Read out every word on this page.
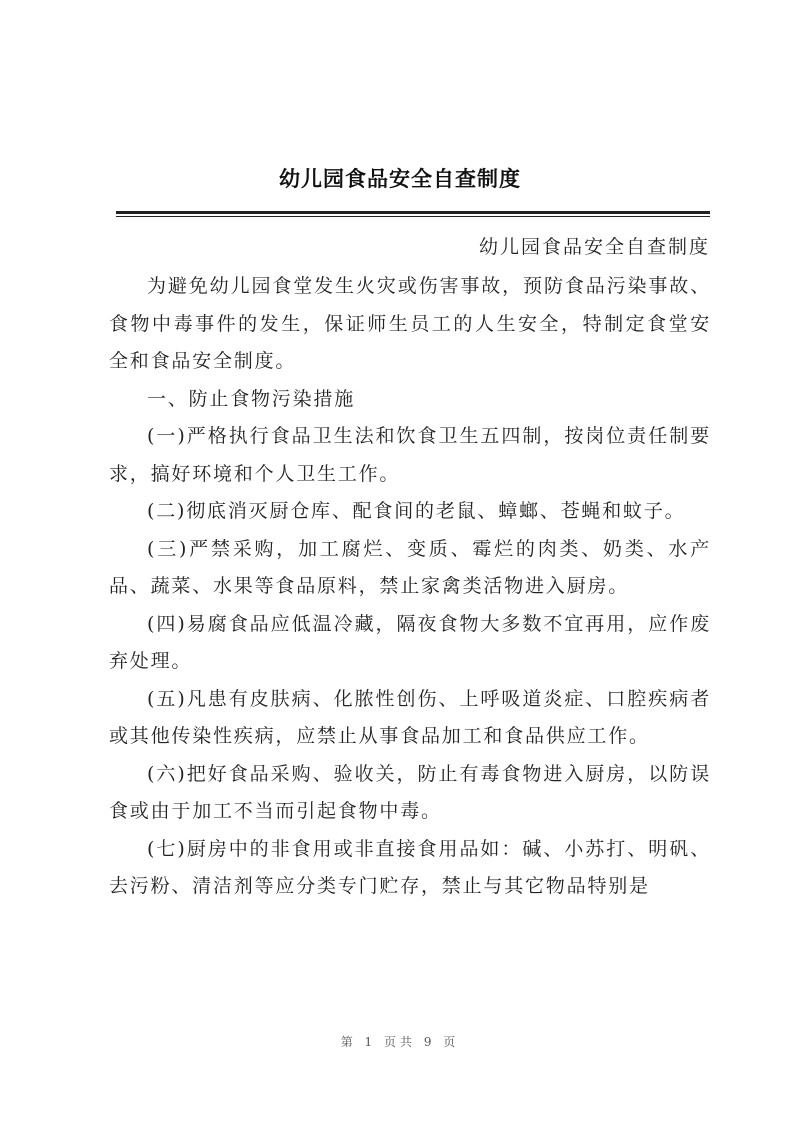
幼儿园食品安全自查制度
幼儿园食品安全自查制度

为避免幼儿园食堂发生火灾或伤害事故，预防食品污染事故、食物中毒事件的发生，保证师生员工的人生安全，特制定食堂安全和食品安全制度。

一、防止食物污染措施

(一)严格执行食品卫生法和饮食卫生五四制，按岗位责任制要求，搞好环境和个人卫生工作。

(二)彻底消灭厨仓库、配食间的老鼠、蟑螂、苍蝇和蚊子。

(三)严禁采购，加工腐烂、变质、霉烂的肉类、奶类、水产品、蔬菜、水果等食品原料，禁止家禽类活物进入厨房。

(四)易腐食品应低温冷藏，隔夜食物大多数不宜再用，应作废弃处理。

(五)凡患有皮肤病、化脓性创伤、上呼吸道炎症、口腔疾病者或其他传染性疾病，应禁止从事食品加工和食品供应工作。

(六)把好食品采购、验收关，防止有毒食物进入厨房，以防误食或由于加工不当而引起食物中毒。

(七)厨房中的非食用或非直接食用品如：碱、小苏打、明矾、去污粉、清洁剂等应分类专门贮存，禁止与其它物品特别是

第 1 页共 9 页
